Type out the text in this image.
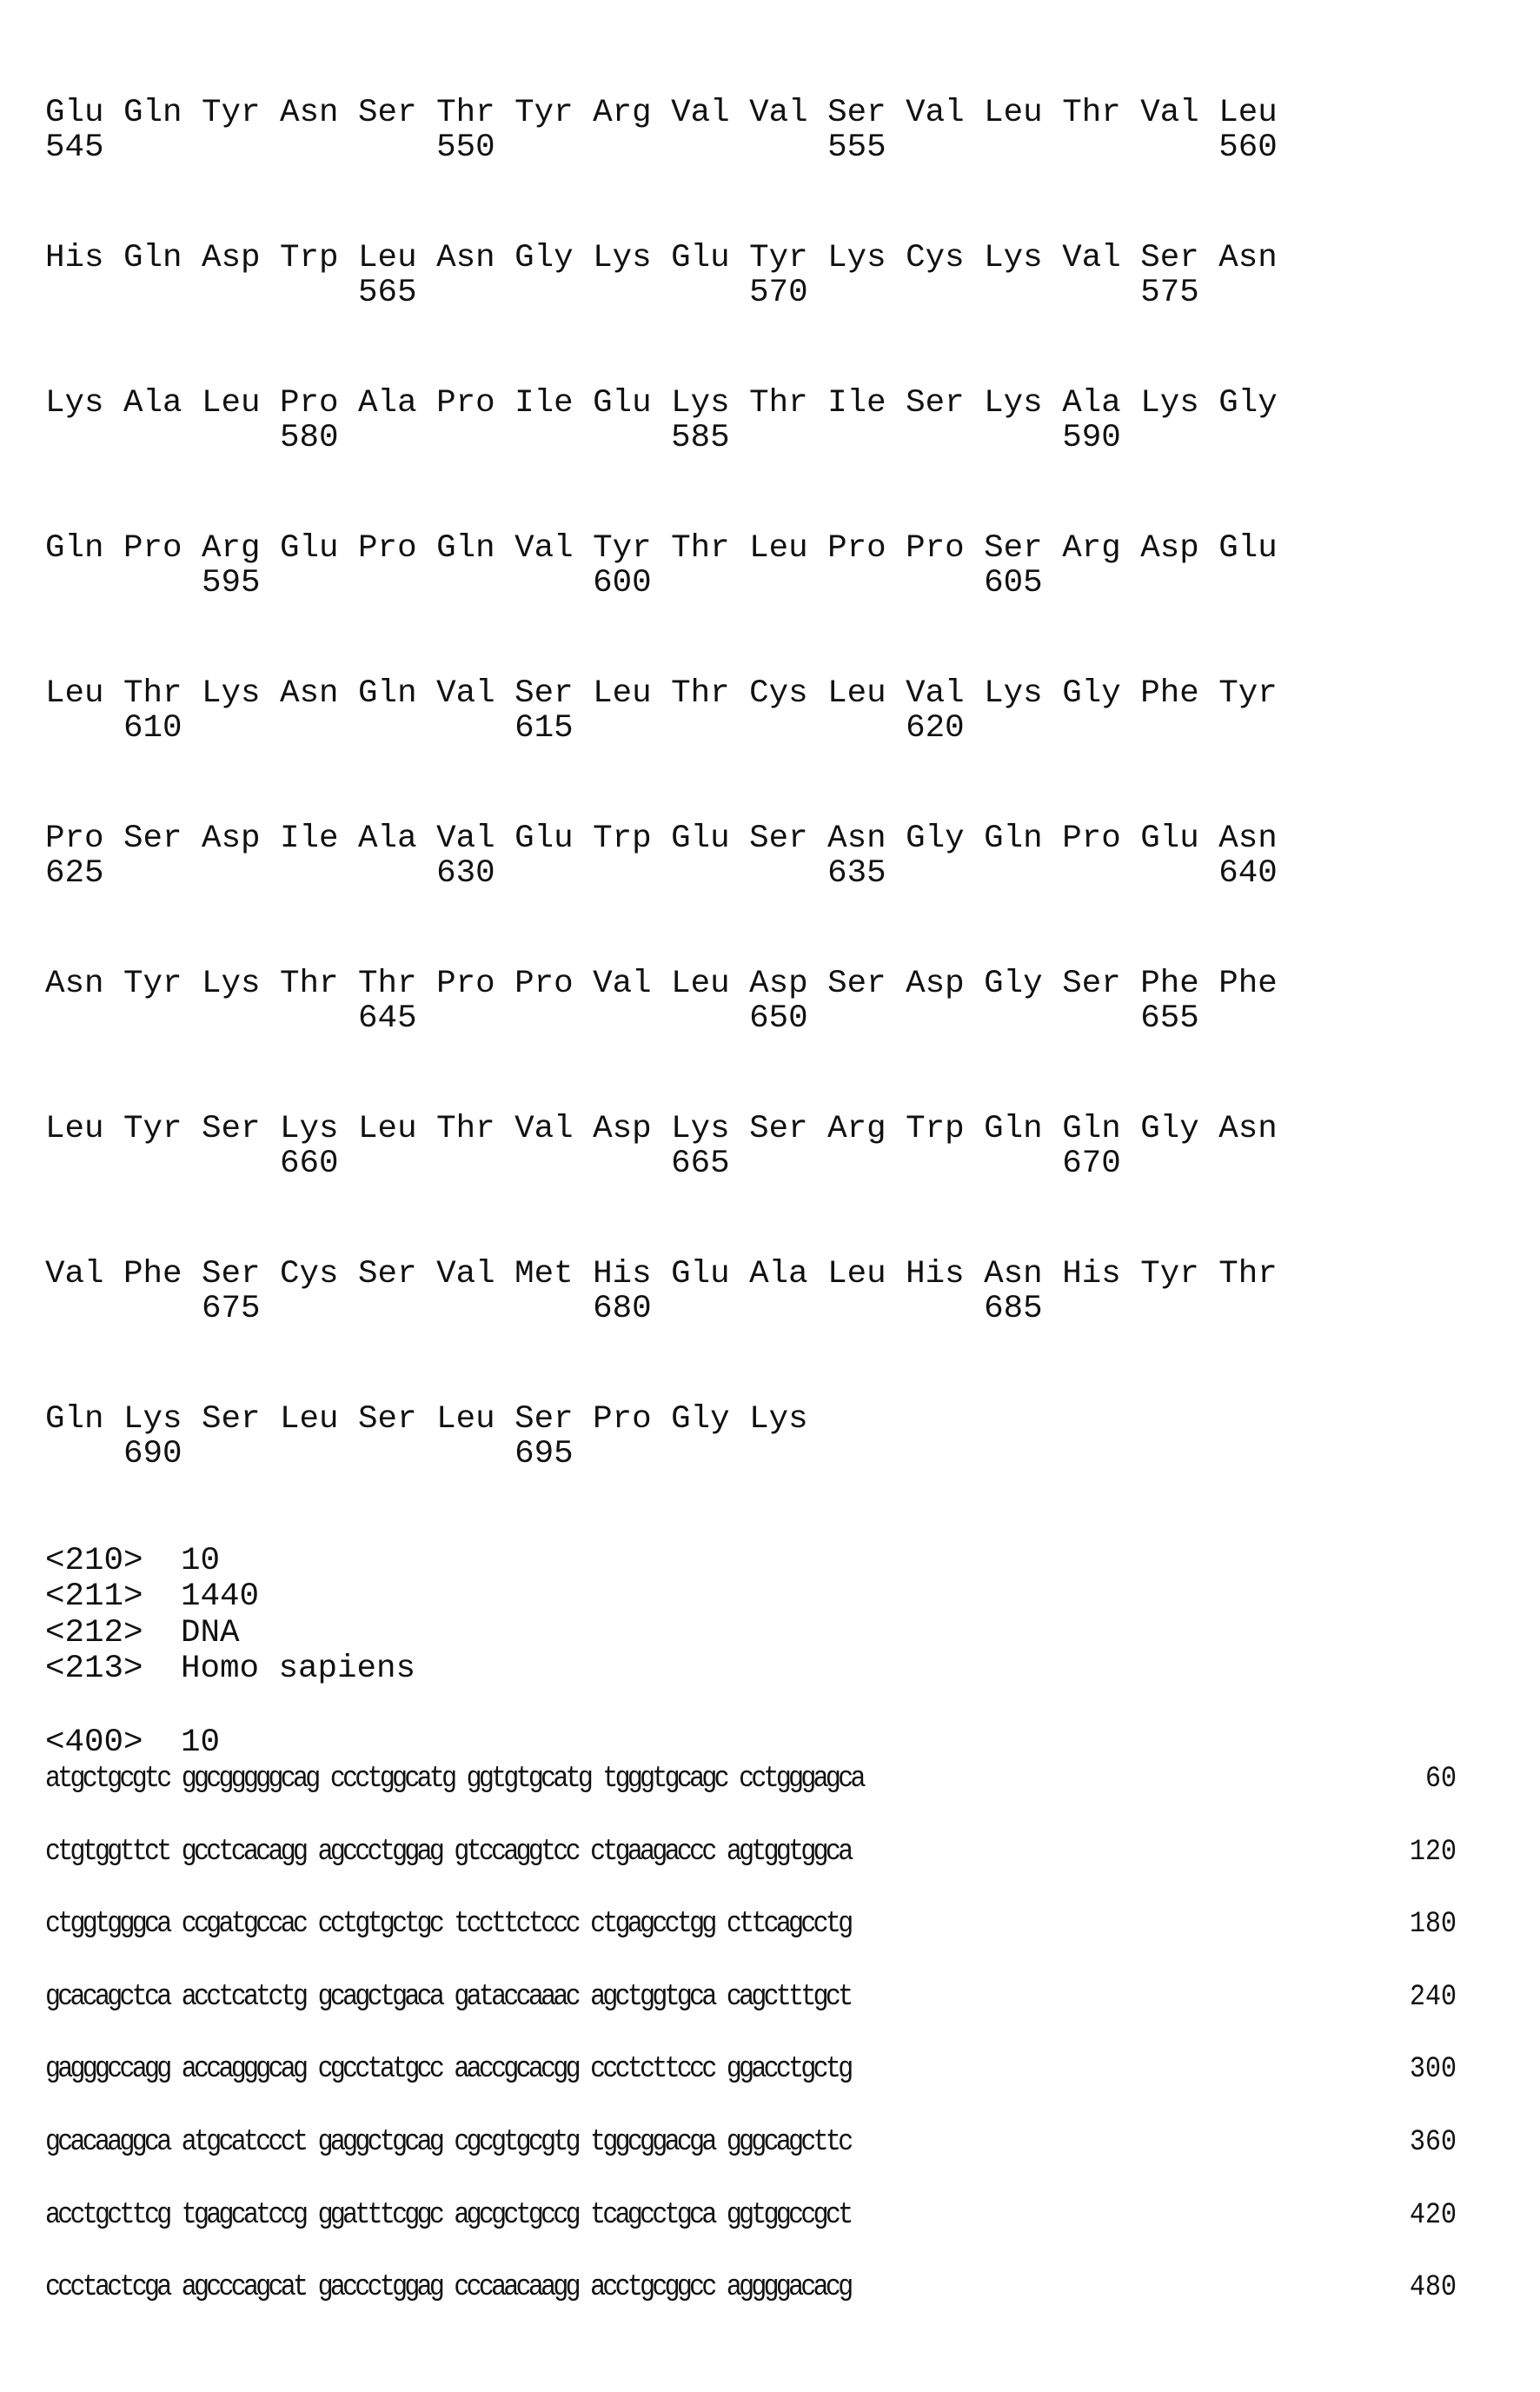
Glu Gln Tyr Asn Ser Thr Tyr Arg Val Val Ser Val Leu Thr Val Leu
545                 550                 555                 560
His Gln Asp Trp Leu Asn Gly Lys Glu Tyr Lys Cys Lys Val Ser Asn
565                 570                 575
Lys Ala Leu Pro Ala Pro Ile Glu Lys Thr Ile Ser Lys Ala Lys Gly
580                 585                 590
Gln Pro Arg Glu Pro Gln Val Tyr Thr Leu Pro Pro Ser Arg Asp Glu
595                 600                 605
Leu Thr Lys Asn Gln Val Ser Leu Thr Cys Leu Val Lys Gly Phe Tyr
610                 615                 620
Pro Ser Asp Ile Ala Val Glu Trp Glu Ser Asn Gly Gln Pro Glu Asn
625                 630                 635                 640
Asn Tyr Lys Thr Thr Pro Pro Val Leu Asp Ser Asp Gly Ser Phe Phe
645                 650                 655
Leu Tyr Ser Lys Leu Thr Val Asp Lys Ser Arg Trp Gln Gln Gly Asn
660                 665                 670
Val Phe Ser Cys Ser Val Met His Glu Ala Leu His Asn His Tyr Thr
675                 680                 685
Gln Lys Ser Leu Ser Leu Ser Pro Gly Lys
690                 695
<210> 10
<211> 1440
<212> DNA
<213> Homo sapiens
<400> 10
atgctgcgtc ggcgggggcag ccctggcatg ggtgtgcatg tgggtgcagc cctgggagca	60
ctgtggttct gcctcacagg agccctggag gtccaggtcc ctgaagaccc agtggtggca	120
ctggtgggca ccgatgccac cctgtgctgc tccttctccc ctgagcctgg cttcagcctg	180
gcacagctca acctcatctg gcagctgaca gataccaaac agctggtgca cagctttgct	240
gagggccagg accagggcag cgcctatgcc aaccgcacgg ccctcttccc ggacctgctg	300
gcacaaggca atgcatccct gaggctgcag cgcgtgcgtg tggcggacga gggcagcttc	360
acctgcttcg tgagcatccg ggatttcggc agcgctgccg tcagcctgca ggtggccgct	420
ccctactcga agcccagcat gaccctggag cccaacaagg acctgcggcc aggggacacg	480
